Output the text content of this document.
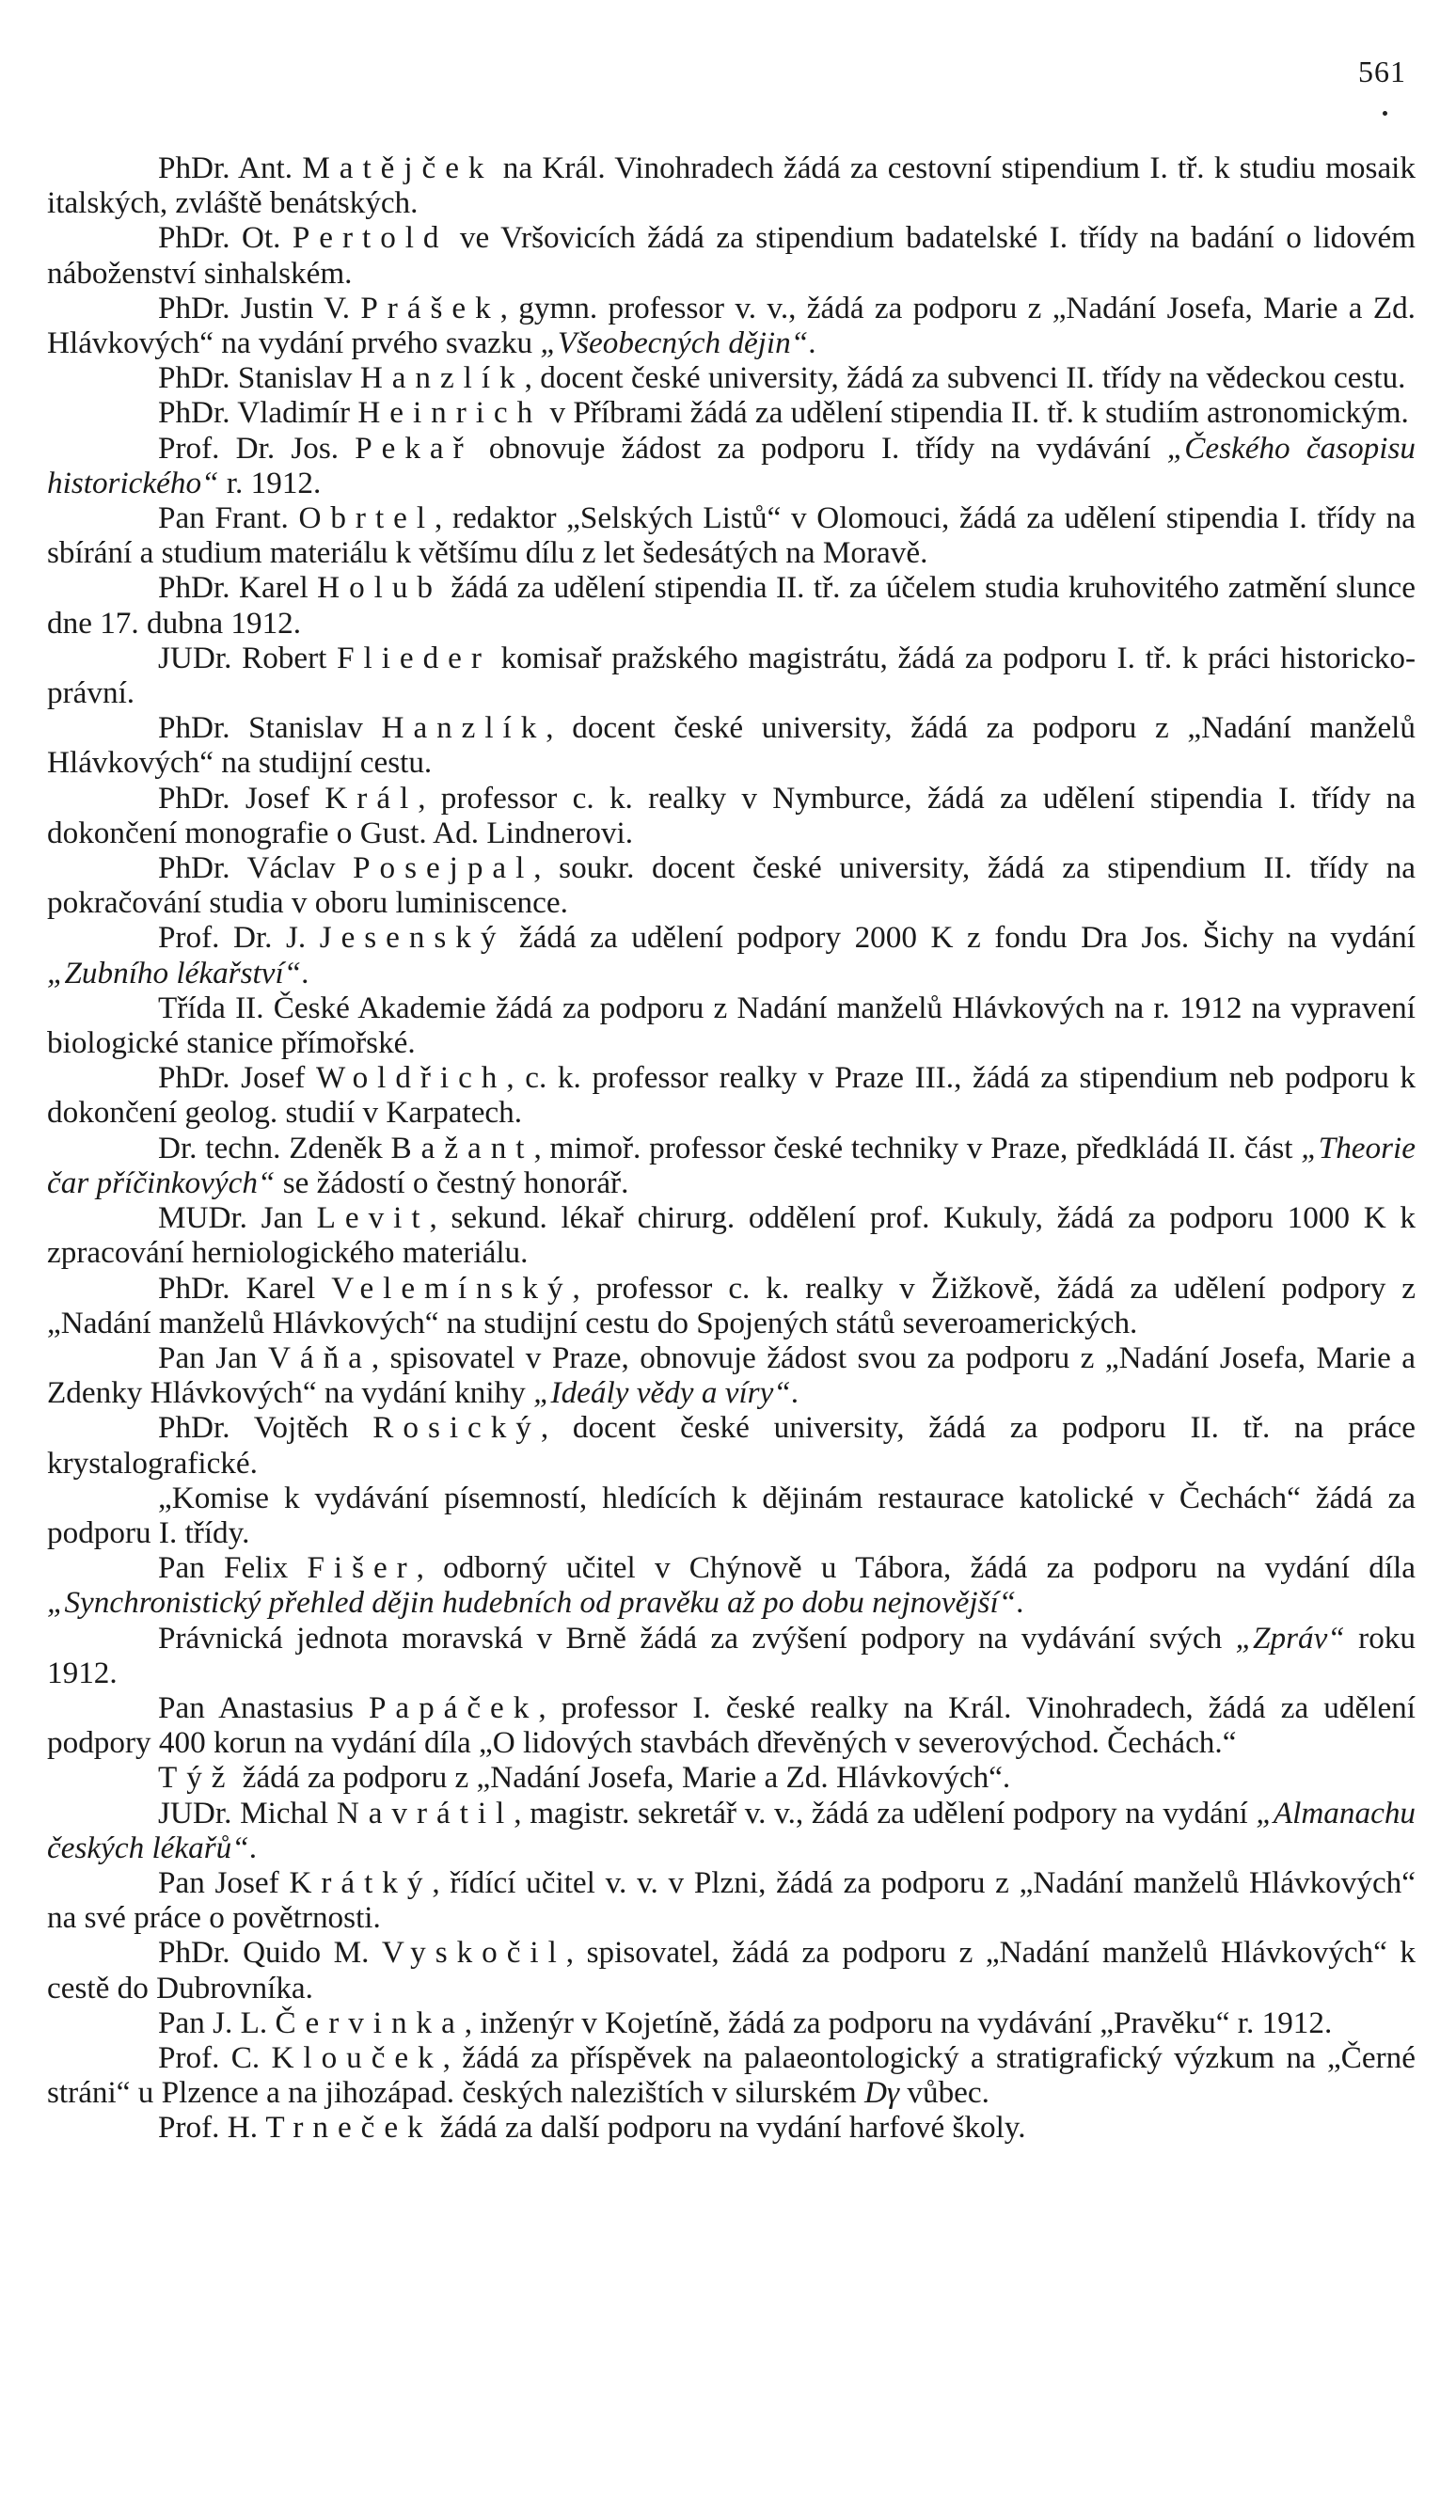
561

PhDr. Ant. Matějček na Král. Vinohradech žádá za cestovní stipendium I. tř. k studiu mosaik italských, zvláště benátských.

PhDr. Ot. Pertold ve Vršovicích žádá za stipendium badatelské I. třídy na badání o lidovém náboženství sinhalském.

PhDr. Justin V. Prášek, gymn. professor v. v., žádá za podporu z „Nadání Josefa, Marie a Zd. Hlávkových“ na vydání prvého svazku „Všeobecných dějin“.

PhDr. Stanislav Hanzlík, docent české university, žádá za subvenci II. třídy na vědeckou cestu.

PhDr. Vladimír Heinrich v Příbrami žádá za udělení stipendia II. tř. k studiím astronomickým.

Prof. Dr. Jos. Pekař obnovuje žádost za podporu I. třídy na vydávání „Českého časopisu historického“ r. 1912.

Pan Frant. Obrtel, redaktor „Selských Listů“ v Olomouci, žádá za udělení stipendia I. třídy na sbírání a studium materiálu k většímu dílu z let šedesátých na Moravě.

PhDr. Karel Holub žádá za udělení stipendia II. tř. za účelem studia kruhovitého zatmění slunce dne 17. dubna 1912.

JUDr. Robert Flieder komisař pražského magistrátu, žádá za podporu I. tř. k práci historicko-právní.

PhDr. Stanislav Hanzlík, docent české university, žádá za podporu z „Nadání manželů Hlávkových“ na studijní cestu.

PhDr. Josef Král, professor c. k. realky v Nymburce, žádá za udělení stipendia I. třídy na dokončení monografie o Gust. Ad. Lindnerovi.

PhDr. Václav Posejpal, soukr. docent české university, žádá za stipendium II. třídy na pokračování studia v oboru luminiscence.

Prof. Dr. J. Jesenský žádá za udělení podpory 2000 K z fondu Dra Jos. Šichy na vydání „Zubního lékařství“.

Třída II. České Akademie žádá za podporu z Nadání manželů Hlávkových na r. 1912 na vypravení biologické stanice přímořské.

PhDr. Josef Woldřich, c. k. professor realky v Praze III., žádá za stipendium neb podporu k dokončení geolog. studií v Karpatech.

Dr. techn. Zdeněk Bažant, mimoř. professor české techniky v Praze, předkládá II. část „Theorie čar příčinkových“ se žádostí o čestný honorář.

MUDr. Jan Levit, sekund. lékař chirurg. oddělení prof. Kukuly, žádá za podporu 1000 K k zpracování herniologického materiálu.

PhDr. Karel Velemínský, professor c. k. realky v Žižkově, žádá za udělení podpory z „Nadání manželů Hlávkových“ na studijní cestu do Spojených států severoamerických.

Pan Jan Váňa, spisovatel v Praze, obnovuje žádost svou za podporu z „Nadání Josefa, Marie a Zdenky Hlávkových“ na vydání knihy „Ideály vědy a víry“.

PhDr. Vojtěch Rosický, docent české university, žádá za podporu II. tř. na práce krystalografické.

„Komise k vydávání písemností, hledících k dějinám restaurace katolické v Čechách“ žádá za podporu I. třídy.

Pan Felix Fišer, odborný učitel v Chýnově u Tábora, žádá za podporu na vydání díla „Synchronistický přehled dějin hudebních od pravěku až po dobu nejnovější“.

Právnická jednota moravská v Brně žádá za zvýšení podpory na vydávání svých „Zpráv“ roku 1912.

Pan Anastasius Papáček, professor I. české realky na Král. Vinohradech, žádá za udělení podpory 400 korun na vydání díla „O lidových stavbách dřevěných v severovýchod. Čechách.“

Týž žádá za podporu z „Nadání Josefa, Marie a Zd. Hlávkových“.

JUDr. Michal Navrátil, magistr. sekretář v. v., žádá za udělení podpory na vydání „Almanachu českých lékařů“.

Pan Josef Krátký, řídící učitel v. v. v Plzni, žádá za podporu z „Nadání manželů Hlávkových“ na své práce o povětrnosti.

PhDr. Quido M. Vyskočil, spisovatel, žádá za podporu z „Nadání manželů Hlávkových“ k cestě do Dubrovníka.

Pan J. L. Červinka, inženýr v Kojetíně, žádá za podporu na vydávání „Pravěku“ r. 1912.

Prof. C. Klouček, žádá za příspěvek na palaeontologický a stratigrafický výzkum na „Černé stráni“ u Plzence a na jihozápad. českých nalezištích v silurském Dγ vůbec.

Prof. H. Trneček žádá za další podporu na vydání harfové školy.
